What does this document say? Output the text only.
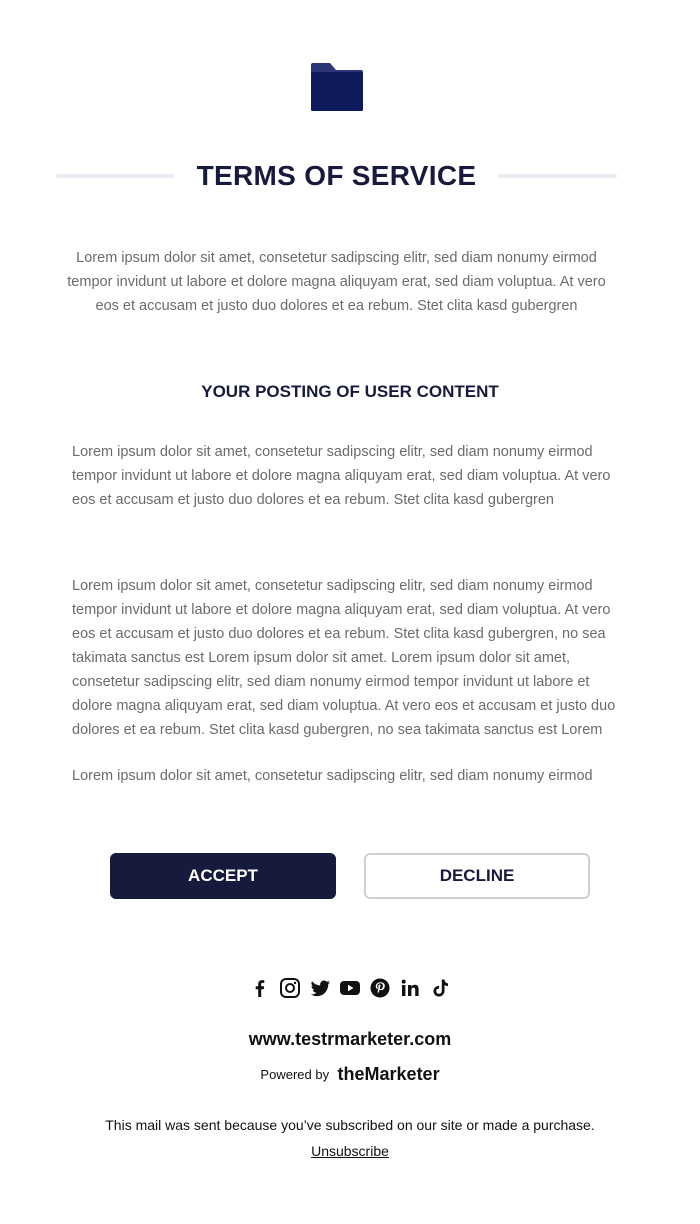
TERMS OF SERVICE

Lorem ipsum dolor sit amet, consetetur sadipscing elitr, sed diam nonumy eirmod tempor invidunt ut labore et dolore magna aliquyam erat, sed diam voluptua. At vero eos et accusam et justo duo dolores et ea rebum. Stet clita kasd gubergren

YOUR POSTING OF USER CONTENT

Lorem ipsum dolor sit amet, consetetur sadipscing elitr, sed diam nonumy eirmod tempor invidunt ut labore et dolore magna aliquyam erat, sed diam voluptua. At vero eos et accusam et justo duo dolores et ea rebum. Stet clita kasd gubergren

Lorem ipsum dolor sit amet, consetetur sadipscing elitr, sed diam nonumy eirmod tempor invidunt ut labore et dolore magna aliquyam erat, sed diam voluptua. At vero eos et accusam et justo duo dolores et ea rebum. Stet clita kasd gubergren, no sea takimata sanctus est Lorem ipsum dolor sit amet. Lorem ipsum dolor sit amet, consetetur sadipscing elitr, sed diam nonumy eirmod tempor invidunt ut labore et dolore magna aliquyam erat, sed diam voluptua. At vero eos et accusam et justo duo dolores et ea rebum. Stet clita kasd gubergren, no sea takimata sanctus est Lorem

Lorem ipsum dolor sit amet, consetetur sadipscing elitr, sed diam nonumy eirmod

ACCEPT	DECLINE
www.testrmarketer.com
Powered by theMarketer

This mail was sent because you’ve subscribed on our site or made a purchase.

Unsubscribe
